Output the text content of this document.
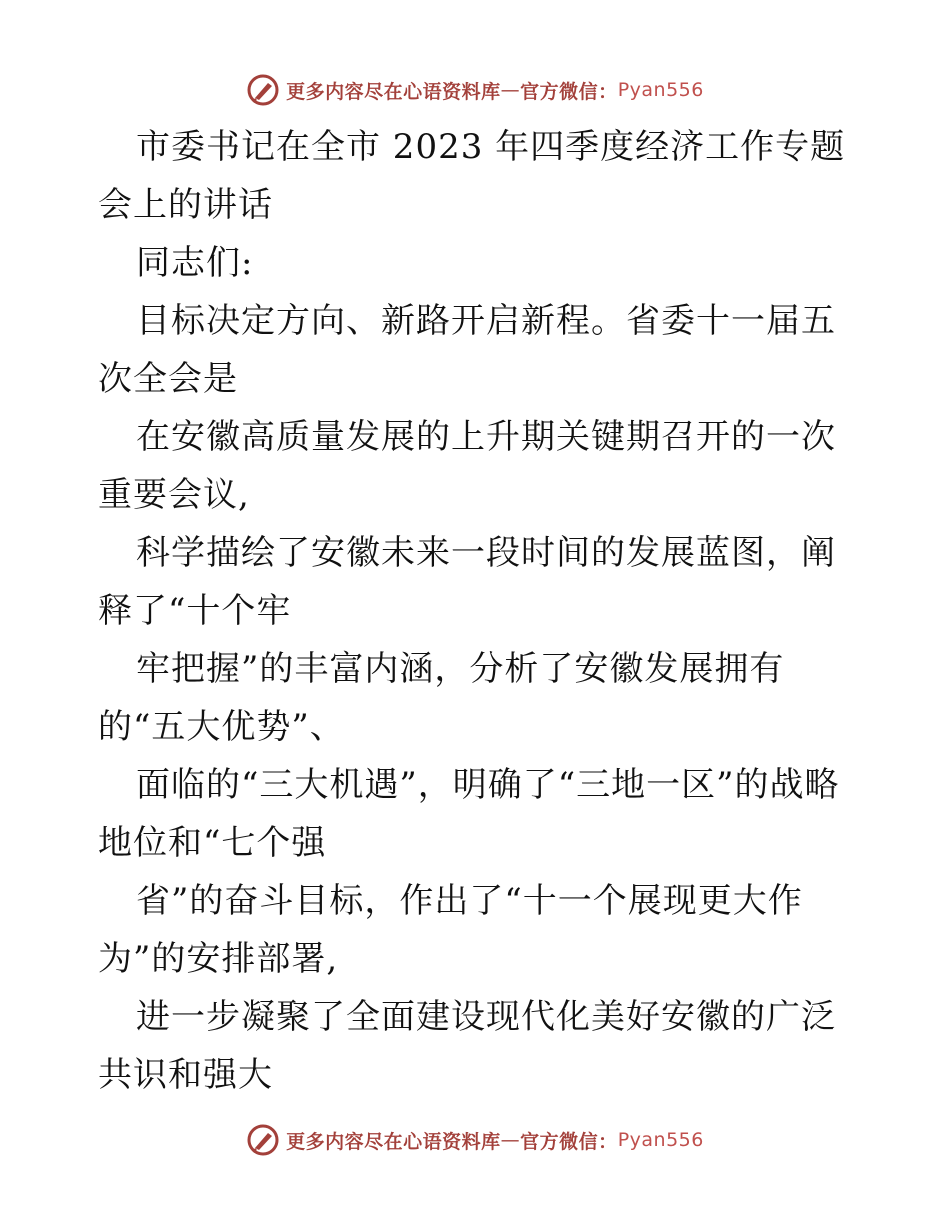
更多内容尽在心语资料库 — 官方微信： Pyan556

市委书记在全市 2023 年四季度经济工作专题会上的讲话

同志们:

目标决定方向、新路开启新程。省委十一届五次全会是

在安徽高质量发展的上升期关键期召开的一次重要会议,

科学描绘了安徽未来一段时间的发展蓝图，阐释了“十个牢

牢把握”的丰富内涵，分析了安徽发展拥有的“五大优势”、

面临的“三大机遇”，明确了“三地一区”的战略地位和“七个强

省”的奋斗目标，作出了“十一个展现更大作为”的安排部署,

进一步凝聚了全面建设现代化美好安徽的广泛共识和强大

更多内容尽在心语资料库 — 官方微信： Pyan556
